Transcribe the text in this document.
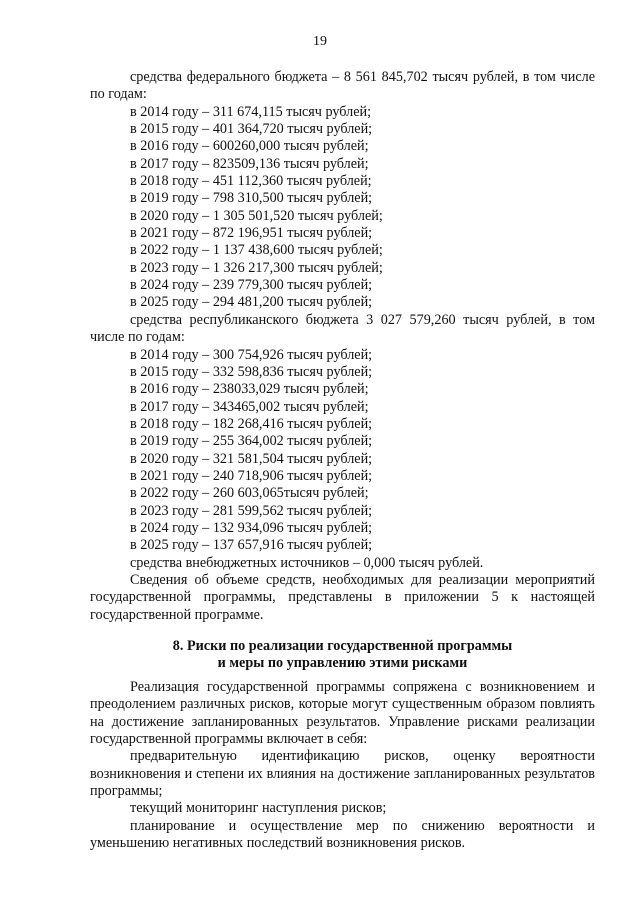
19

средства федерального бюджета – 8 561 845,702 тысяч рублей, в том числе по годам:

в 2014 году – 311 674,115 тысяч рублей;

в 2015 году – 401 364,720 тысяч рублей;

в 2016 году – 600260,000 тысяч рублей;

в 2017 году – 823509,136 тысяч рублей;

в 2018 году – 451 112,360 тысяч рублей;

в 2019 году – 798 310,500 тысяч рублей;

в 2020 году – 1 305 501,520 тысяч рублей;

в 2021 году – 872 196,951 тысяч рублей;

в 2022 году – 1 137 438,600 тысяч рублей;

в 2023 году – 1 326 217,300 тысяч рублей;

в 2024 году – 239 779,300 тысяч рублей;

в 2025 году – 294 481,200 тысяч рублей;

средства республиканского бюджета 3 027 579,260 тысяч рублей, в том числе по годам:

в 2014 году – 300 754,926 тысяч рублей;

в 2015 году – 332 598,836 тысяч рублей;

в 2016 году – 238033,029 тысяч рублей;

в 2017 году – 343465,002 тысяч рублей;

в 2018 году – 182 268,416 тысяч рублей;

в 2019 году – 255 364,002 тысяч рублей;

в 2020 году – 321 581,504 тысяч рублей;

в 2021 году – 240 718,906 тысяч рублей;

в 2022 году – 260 603,065тысяч рублей;

в 2023 году – 281 599,562 тысяч рублей;

в 2024 году – 132 934,096 тысяч рублей;

в 2025 году – 137 657,916 тысяч рублей;

средства внебюджетных источников – 0,000 тысяч рублей.

Сведения об объеме средств, необходимых для реализации мероприятий государственной программы, представлены в приложении 5 к настоящей государственной программе.

8. Риски по реализации государственной программы
и меры по управлению этими рисками

Реализация государственной программы сопряжена с возникновением и преодолением различных рисков, которые могут существенным образом повлиять на достижение запланированных результатов. Управление рисками реализации государственной программы включает в себя:

предварительную идентификацию рисков, оценку вероятности

возникновения и степени их влияния на достижение запланированных результатов программы;

текущий мониторинг наступления рисков;

планирование и осуществление мер по снижению вероятности и

уменьшению негативных последствий возникновения рисков.
